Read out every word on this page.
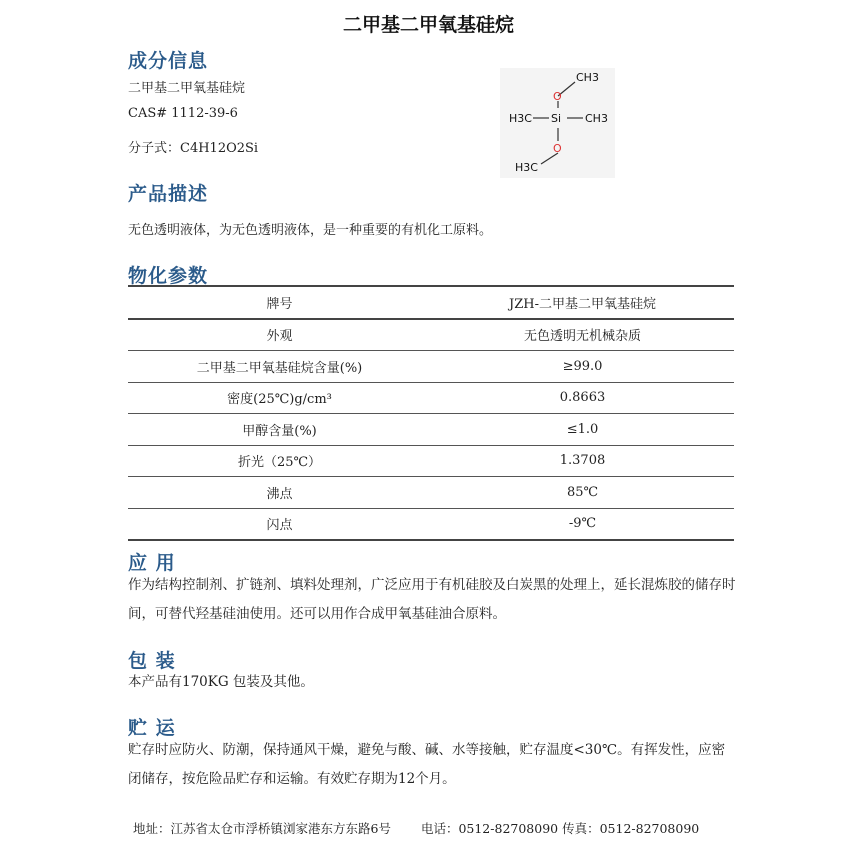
二甲基二甲氧基硅烷
成分信息
二甲基二甲氧基硅烷
CAS# 1112-39-6
分子式：C4H12O2Si
CH3
O
H3C Si CH3
O
H3C
产品描述
无色透明液体，为无色透明液体，是一种重要的有机化工原料。
物化参数
牌号	JZH-二甲基二甲氧基硅烷
外观	无色透明无机械杂质
二甲基二甲氧基硅烷含量(%)	≥99.0
密度(25℃)g/cm³	0.8663
甲醇含量(%)	≤1.0
折光（25℃）	1.3708
沸点	85℃
闪点	-9℃
应 用
作为结构控制剂、扩链剂、填料处理剂，广泛应用于有机硅胶及白炭黑的处理上，延长混炼胶的储存时间，可替代羟基硅油使用。还可以用作合成甲氧基硅油合原料。
包 装
本产品有170KG 包装及其他。
贮 运
贮存时应防火、防潮，保持通风干燥，避免与酸、碱、水等接触，贮存温度<30℃。有挥发性，应密闭储存，按危险品贮存和运输。有效贮存期为12个月。
地址：江苏省太仓市浮桥镇浏家港东方东路6号 电话：0512-82708090 传真：0512-82708090
